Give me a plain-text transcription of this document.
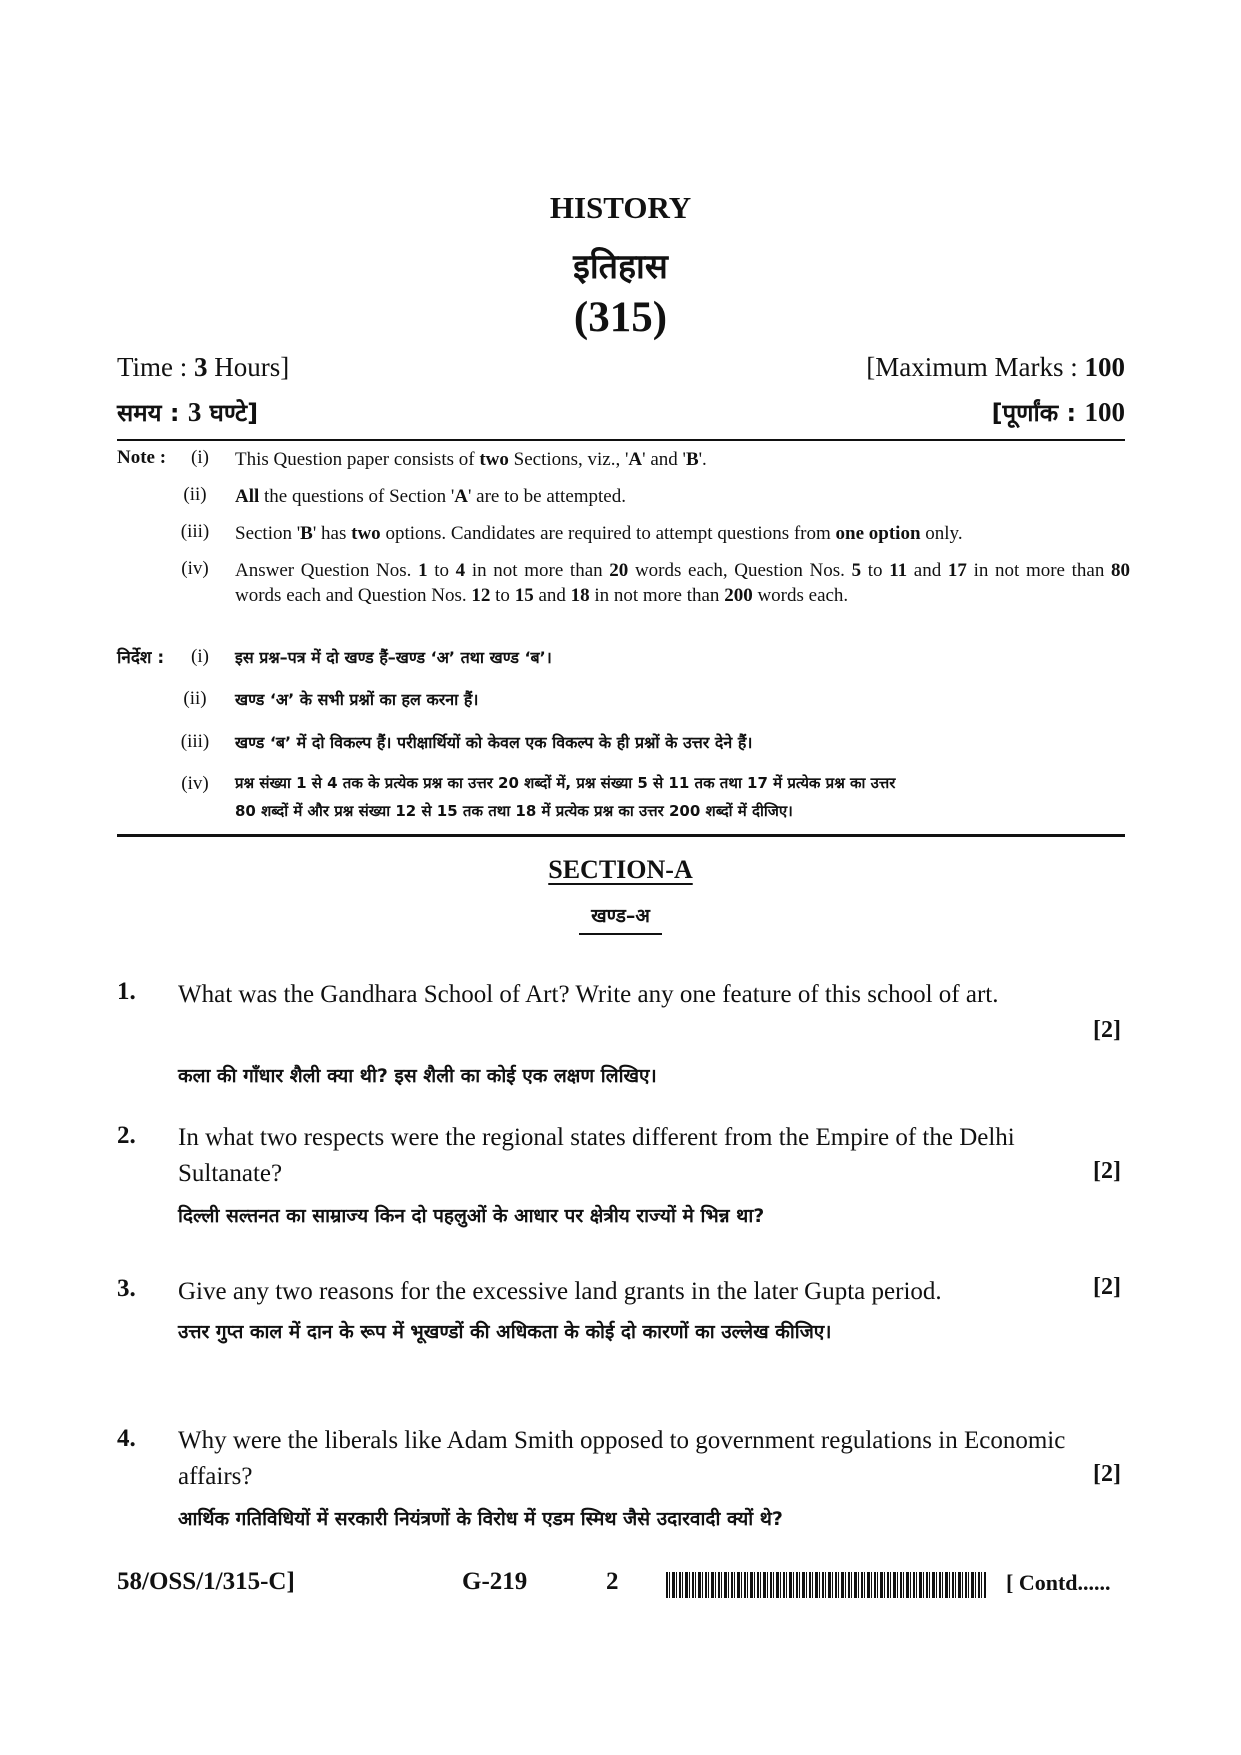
HISTORY
इतिहास
(315)
Time : 3 Hours]	[Maximum Marks : 100
समय : 3 घण्टे]	[पूर्णांक : 100
Note :	(i)	This Question paper consists of two Sections, viz., 'A' and 'B'.
(ii)	All the questions of Section 'A' are to be attempted.
(iii)	Section 'B' has two options. Candidates are required to attempt questions from one option only.
(iv)	Answer Question Nos. 1 to 4 in not more than 20 words each, Question Nos. 5 to 11 and 17 in not more than 80 words each and Question Nos. 12 to 15 and 18 in not more than 200 words each.
निर्देश :	(i)	इस प्रश्न–पत्र में दो खण्ड हैं–खण्ड ‘अ’ तथा खण्ड ‘ब’।
(ii)	खण्ड ‘अ’ के सभी प्रश्नों का हल करना हैं।
(iii)	खण्ड ‘ब’ में दो विकल्प हैं। परीक्षार्थियों को केवल एक विकल्प के ही प्रश्नों के उत्तर देने हैं।
(iv)	प्रश्न संख्या 1 से 4 तक के प्रत्येक प्रश्न का उत्तर 20 शब्दों में, प्रश्न संख्या 5 से 11 तक तथा 17 में प्रत्येक प्रश्न का उत्तर
80 शब्दों में और प्रश्न संख्या 12 से 15 तक तथा 18 में प्रत्येक प्रश्न का उत्तर 200 शब्दों में दीजिए।
SECTION-A
खण्ड–अ
1. What was the Gandhara School of Art? Write any one feature of this school of art.
[2]
कला की गाँधार शैली क्या थी? इस शैली का कोई एक लक्षण लिखिए।
2. In what two respects were the regional states different from the Empire of the Delhi Sultanate?	[2]
दिल्ली सल्तनत का साम्राज्य किन दो पहलुओं के आधार पर क्षेत्रीय राज्यों मे भिन्न था?
3. Give any two reasons for the excessive land grants in the later Gupta period.	[2]
उत्तर गुप्त काल में दान के रूप में भूखण्डों की अधिकता के कोई दो कारणों का उल्लेख कीजिए।
4. Why were the liberals like Adam Smith opposed to government regulations in Economic affairs?	[2]
आर्थिक गतिविधियों में सरकारी नियंत्रणों के विरोध में एडम स्मिथ जैसे उदारवादी क्यों थे?
58/OSS/1/315-C]	G-219	2	[ Contd......
